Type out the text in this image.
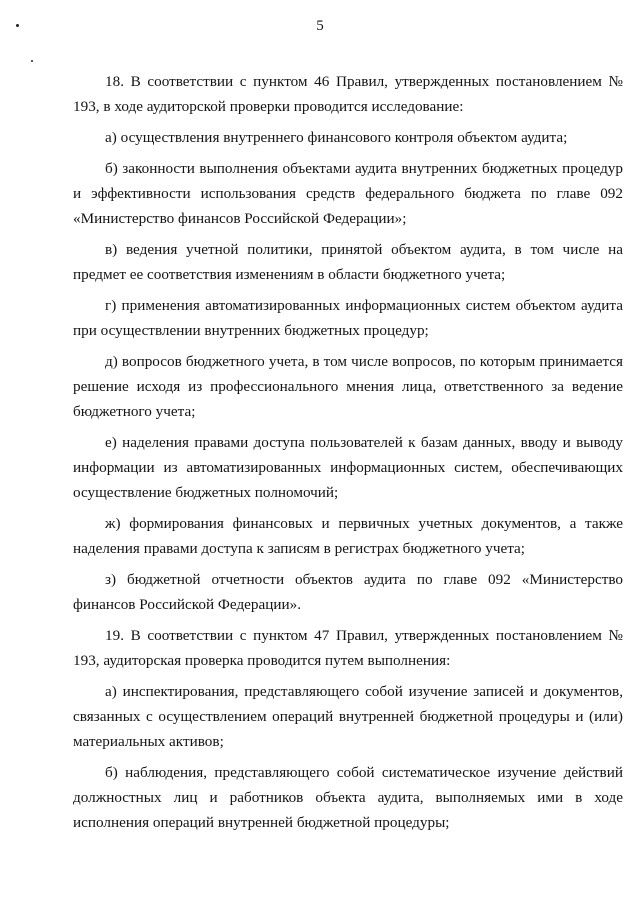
5

18. В соответствии с пунктом 46 Правил, утвержденных постановлением № 193, в ходе аудиторской проверки проводится исследование:

а) осуществления внутреннего финансового контроля объектом аудита;

б) законности выполнения объектами аудита внутренних бюджетных процедур и эффективности использования средств федерального бюджета по главе 092 «Министерство финансов Российской Федерации»;

в) ведения учетной политики, принятой объектом аудита, в том числе на предмет ее соответствия изменениям в области бюджетного учета;

г) применения автоматизированных информационных систем объектом аудита при осуществлении внутренних бюджетных процедур;

д) вопросов бюджетного учета, в том числе вопросов, по которым принимается решение исходя из профессионального мнения лица, ответственного за ведение бюджетного учета;

е) наделения правами доступа пользователей к базам данных, вводу и выводу информации из автоматизированных информационных систем, обеспечивающих осуществление бюджетных полномочий;

ж) формирования финансовых и первичных учетных документов, а также наделения правами доступа к записям в регистрах бюджетного учета;

з) бюджетной отчетности объектов аудита по главе 092 «Министерство финансов Российской Федерации».

19. В соответствии с пунктом 47 Правил, утвержденных постановлением № 193, аудиторская проверка проводится путем выполнения:

а) инспектирования, представляющего собой изучение записей и документов, связанных с осуществлением операций внутренней бюджетной процедуры и (или) материальных активов;

б) наблюдения, представляющего собой систематическое изучение действий должностных лиц и работников объекта аудита, выполняемых ими в ходе исполнения операций внутренней бюджетной процедуры;
